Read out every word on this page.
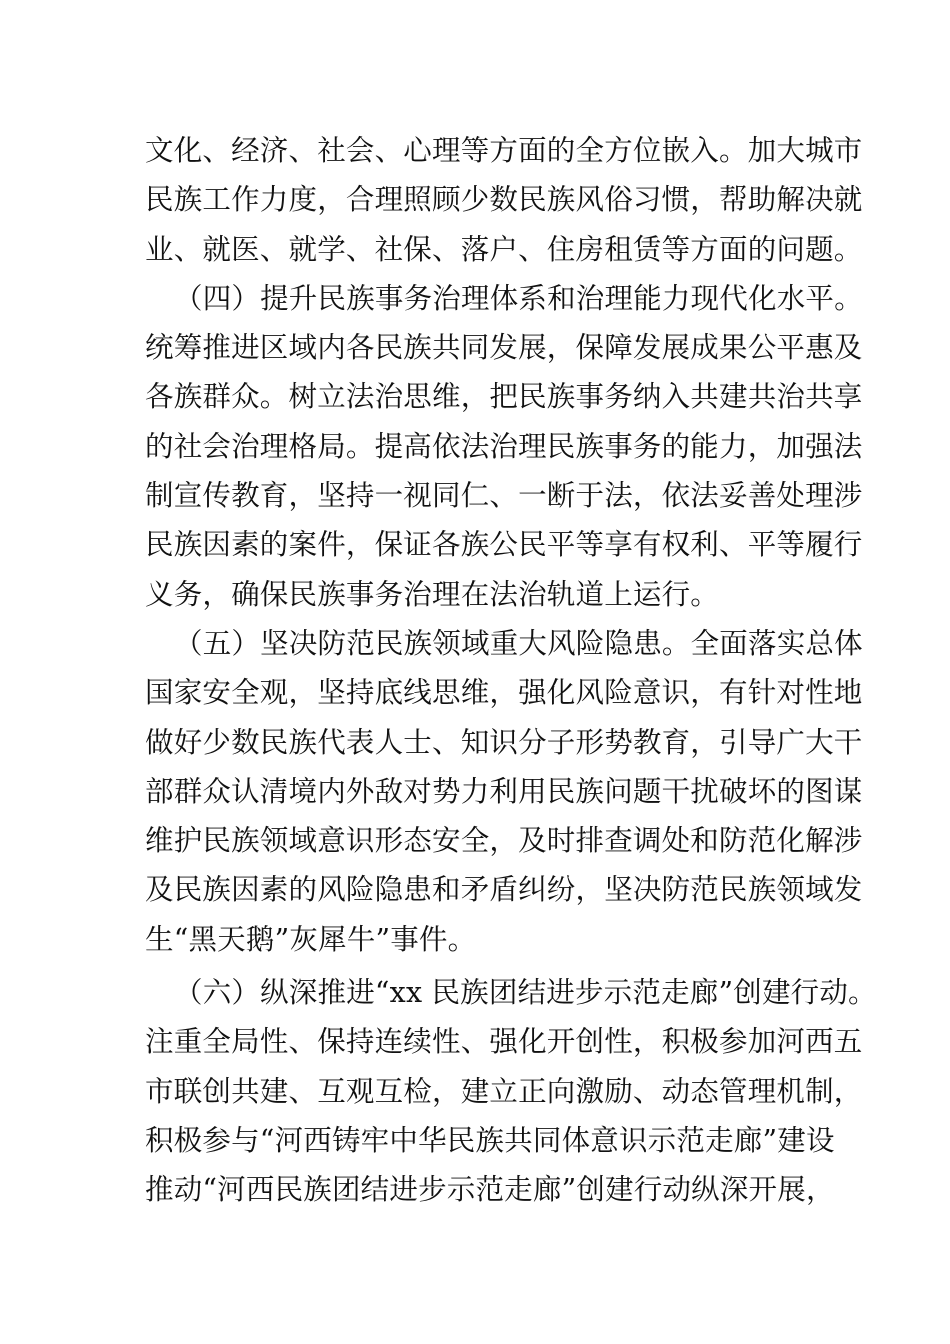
文化、经济、社会、心理等方面的全方位嵌入。加大城市
民族工作力度，合理照顾少数民族风俗习惯，帮助解决就
业、就医、就学、社保、落户、住房租赁等方面的问题。
（四）提升民族事务治理体系和治理能力现代化水平。
统筹推进区域内各民族共同发展，保障发展成果公平惠及
各族群众。树立法治思维，把民族事务纳入共建共治共享
的社会治理格局。提高依法治理民族事务的能力，加强法
制宣传教育，坚持一视同仁、一断于法，依法妥善处理涉
民族因素的案件，保证各族公民平等享有权利、平等履行
义务，确保民族事务治理在法治轨道上运行。
（五）坚决防范民族领域重大风险隐患。全面落实总体
国家安全观，坚持底线思维，强化风险意识，有针对性地
做好少数民族代表人士、知识分子形势教育，引导广大干
部群众认清境内外敌对势力利用民族问题干扰破坏的图谋
维护民族领域意识形态安全，及时排查调处和防范化解涉
及民族因素的风险隐患和矛盾纠纷，坚决防范民族领域发
生“黑天鹅”灰犀牛”事件。
（六）纵深推进“xx 民族团结进步示范走廊”创建行动。
注重全局性、保持连续性、强化开创性，积极参加河西五
市联创共建、互观互检，建立正向激励、动态管理机制，
积极参与“河西铸牢中华民族共同体意识示范走廊”建设
推动“河西民族团结进步示范走廊”创建行动纵深开展，
